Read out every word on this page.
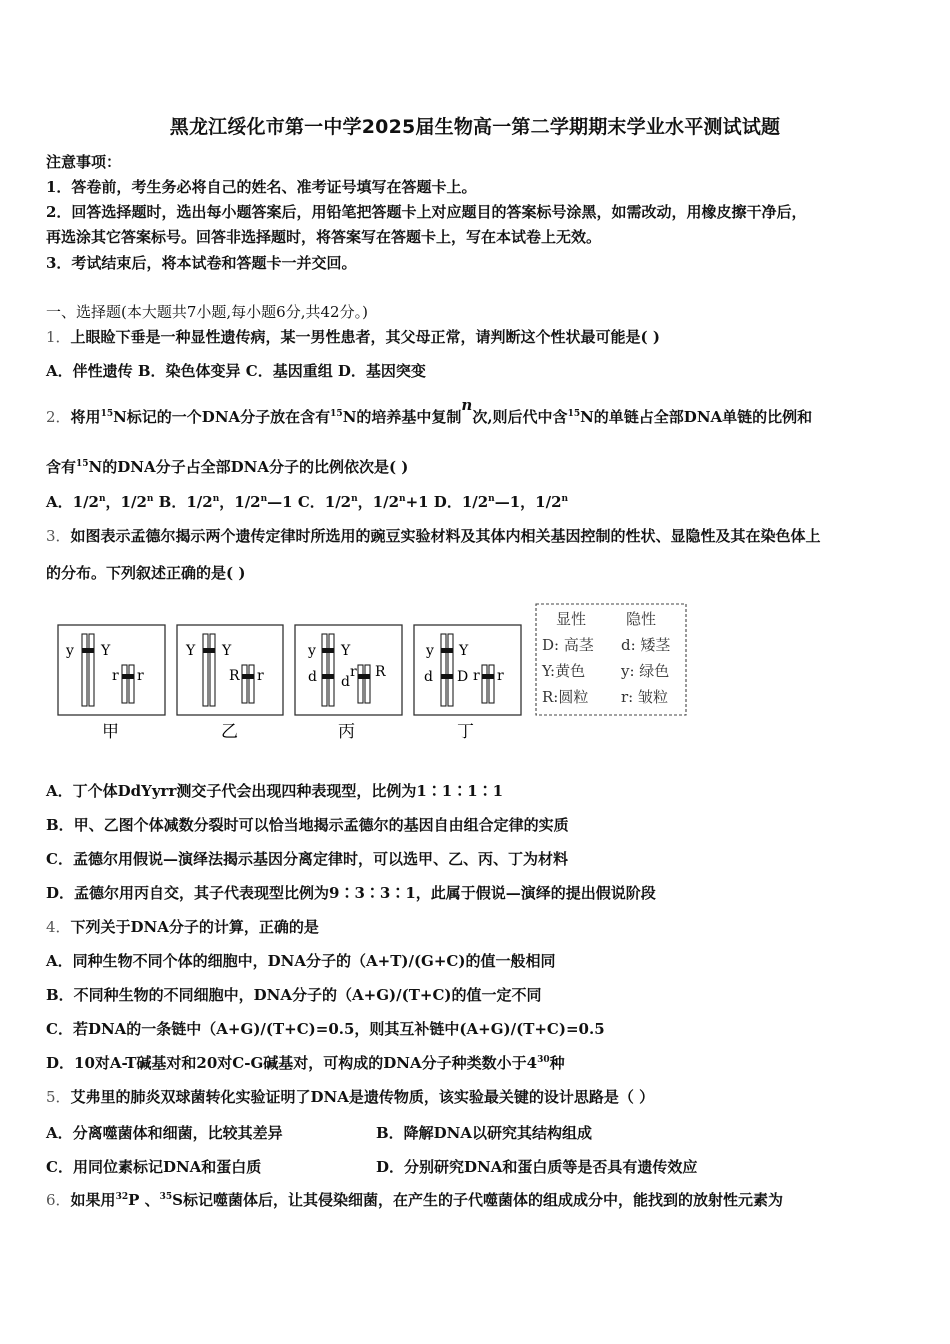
黑龙江绥化市第一中学2025届生物高一第二学期期末学业水平测试试题
注意事项：
1．答卷前，考生务必将自己的姓名、准考证号填写在答题卡上。
2．回答选择题时，选出每小题答案后，用铅笔把答题卡上对应题目的答案标号涂黑，如需改动，用橡皮擦干净后，
再选涂其它答案标号。回答非选择题时，将答案写在答题卡上，写在本试卷上无效。
3．考试结束后，将本试卷和答题卡一并交回。
一、选择题(本大题共7小题,每小题6分,共42分。)
1．上眼睑下垂是一种显性遗传病，某一男性患者，其父母正常，请判断这个性状最可能是( )
A．伴性遗传 B．染色体变异 C．基因重组 D．基因突变
2．将用$^{15}$N标记的一个DNA分子放在含有$^{15}$N的培养基中复制n次,则后代中含$^{15}$N的单链占全部DNA单链的比例和
含有$^{15}$N的DNA分子占全部DNA分子的比例依次是( )
A．1/2$^n$，1/2$^n$ B．1/2$^n$，1/2$^n$—1 C．1/2$^n$，$1/2^n+1$ D．1/2$^n$—1，1/2$^n$
3．如图表示孟德尔揭示两个遗传定律时所选用的豌豆实验材料及其体内相关基因控制的性状、显隐性及其在染色体上
的分布。下列叙述正确的是( )
y Y
r r
Y Y
R r
y Y
d d
r R
y Y
d D r r
甲	乙	丙	丁
显性	隐性
D: 高茎 d: 矮茎
Y:黄色 y: 绿色
R:圆粒 r: 皱粒
A．丁个体DdYyrr测交子代会出现四种表现型，比例为1∶1∶1∶1
B．甲、乙图个体减数分裂时可以恰当地揭示孟德尔的基因自由组合定律的实质
C．孟德尔用假说—演绎法揭示基因分离定律时，可以选甲、乙、丙、丁为材料
D．孟德尔用丙自交，其子代表现型比例为9∶3∶3∶1，此属于假说—演绎的提出假说阶段
4．下列关于DNA分子的计算，正确的是
A．同种生物不同个体的细胞中，DNA分子的（A+T)/(G+C)的值一般相同
B．不同种生物的不同细胞中，DNA分子的（A+G)/(T+C)的值一定不同
C．若DNA的一条链中（A+G)/(T+C)=0.5，则其互补链中(A+G)/(T+C)=0.5
D．10对A-T碱基对和20对C-G碱基对，可构成的DNA分子种类数小于$4^{30}$种
5．艾弗里的肺炎双球菌转化实验证明了DNA是遗传物质，该实验最关键的设计思路是（ ）
A．分离噬菌体和细菌，比较其差异	B．降解DNA以研究其结构组成
C．用同位素标记DNA和蛋白质	D．分别研究DNA和蛋白质等是否具有遗传效应
6．如果用$^{32}$P 、$^{35}$S标记噬菌体后，让其侵染细菌，在产生的子代噬菌体的组成成分中，能找到的放射性元素为
